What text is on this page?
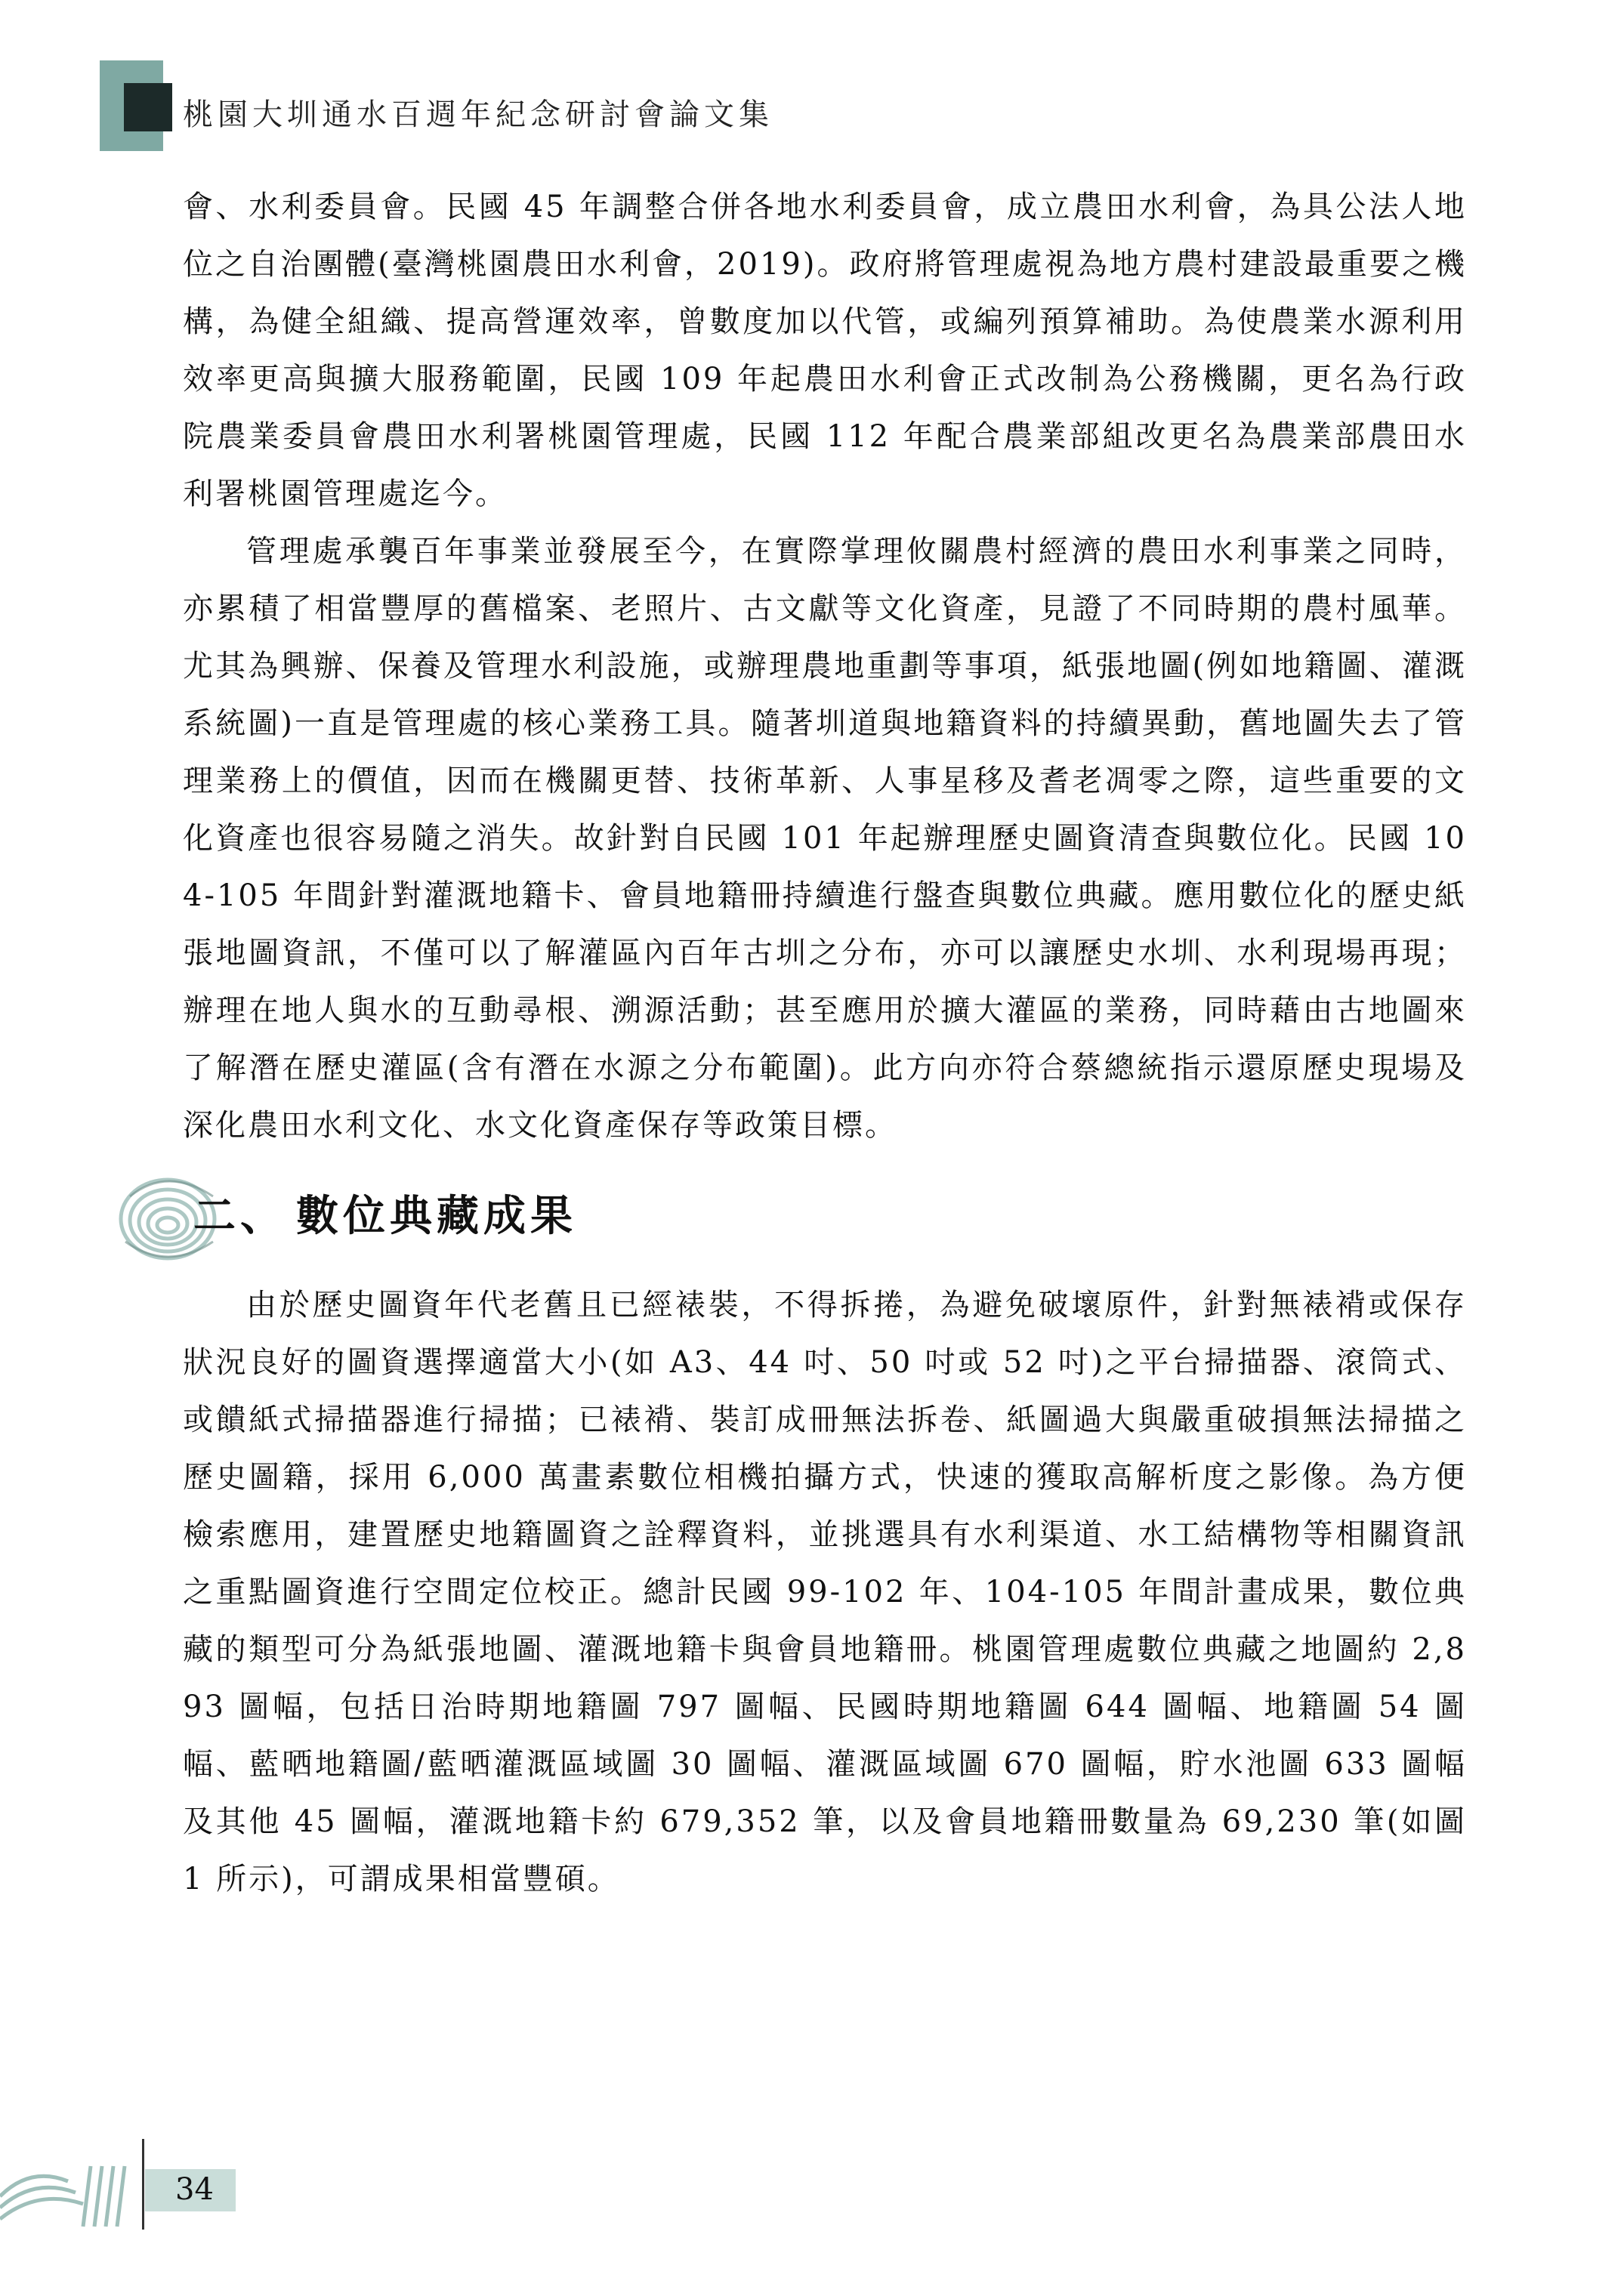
桃園大圳通水百週年紀念研討會論文集

會、水利委員會。民國 45 年調整合併各地水利委員會，成立農田水利會，為具公法人地位之自治團體(臺灣桃園農田水利會，2019)。政府將管理處視為地方農村建設最重要之機構，為健全組織、提高營運效率，曾數度加以代管，或編列預算補助。為使農業水源利用效率更高與擴大服務範圍，民國 109 年起農田水利會正式改制為公務機關，更名為行政院農業委員會農田水利署桃園管理處，民國 112 年配合農業部組改更名為農業部農田水利署桃園管理處迄今。

管理處承襲百年事業並發展至今，在實際掌理攸關農村經濟的農田水利事業之同時，亦累積了相當豐厚的舊檔案、老照片、古文獻等文化資產，見證了不同時期的農村風華。尤其為興辦、保養及管理水利設施，或辦理農地重劃等事項，紙張地圖(例如地籍圖、灌溉系統圖)一直是管理處的核心業務工具。隨著圳道與地籍資料的持續異動，舊地圖失去了管理業務上的價值，因而在機關更替、技術革新、人事星移及耆老凋零之際，這些重要的文化資產也很容易隨之消失。故針對自民國 101 年起辦理歷史圖資清查與數位化。民國 104-105 年間針對灌溉地籍卡、會員地籍冊持續進行盤查與數位典藏。應用數位化的歷史紙張地圖資訊，不僅可以了解灌區內百年古圳之分布，亦可以讓歷史水圳、水利現場再現；辦理在地人與水的互動尋根、溯源活動；甚至應用於擴大灌區的業務，同時藉由古地圖來了解潛在歷史灌區(含有潛在水源之分布範圍)。此方向亦符合蔡總統指示還原歷史現場及深化農田水利文化、水文化資產保存等政策目標。

二、 數位典藏成果

由於歷史圖資年代老舊且已經裱裝，不得拆捲，為避免破壞原件，針對無裱褙或保存狀況良好的圖資選擇適當大小(如 A3、44 吋、50 吋或 52 吋)之平台掃描器、滾筒式、或饋紙式掃描器進行掃描；已裱褙、裝訂成冊無法拆卷、紙圖過大與嚴重破損無法掃描之歷史圖籍，採用 6,000 萬畫素數位相機拍攝方式，快速的獲取高解析度之影像。為方便檢索應用，建置歷史地籍圖資之詮釋資料，並挑選具有水利渠道、水工結構物等相關資訊之重點圖資進行空間定位校正。總計民國 99-102 年、104-105 年間計畫成果，數位典藏的類型可分為紙張地圖、灌溉地籍卡與會員地籍冊。桃園管理處數位典藏之地圖約 2,893 圖幅，包括日治時期地籍圖 797 圖幅、民國時期地籍圖 644 圖幅、地籍圖 54 圖幅、藍晒地籍圖/藍晒灌溉區域圖 30 圖幅、灌溉區域圖 670 圖幅，貯水池圖 633 圖幅及其他 45 圖幅，灌溉地籍卡約 679,352 筆，以及會員地籍冊數量為 69,230 筆(如圖 1 所示)，可謂成果相當豐碩。

34
